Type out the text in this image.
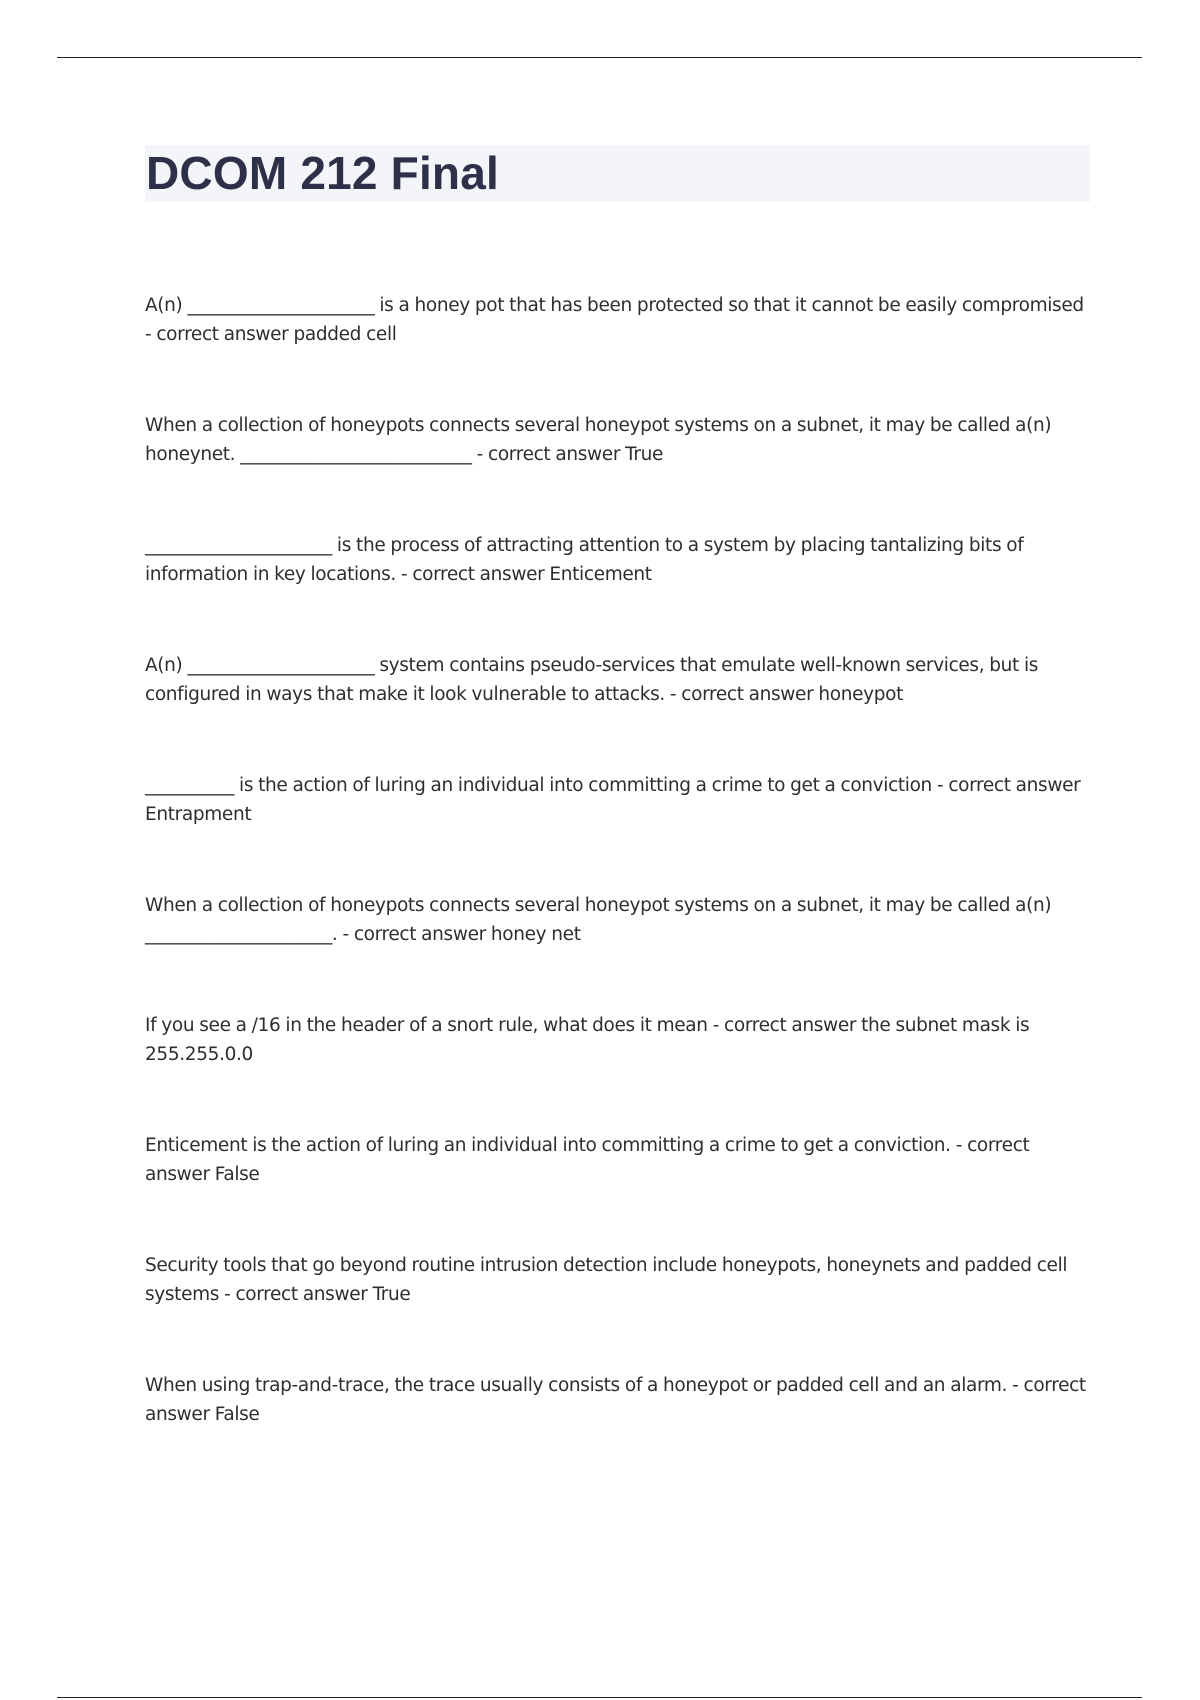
DCOM 212 Final

A(n) _____________________ is a honey pot that has been protected so that it cannot be easily compromised - correct answer padded cell

When a collection of honeypots connects several honeypot systems on a subnet, it may be called a(n) honeynet. __________________________ - correct answer True

_____________________ is the process of attracting attention to a system by placing tantalizing bits of information in key locations. - correct answer Enticement

A(n) _____________________ system contains pseudo-services that emulate well-known services, but is configured in ways that make it look vulnerable to attacks. - correct answer honeypot

__________ is the action of luring an individual into committing a crime to get a conviction - correct answer Entrapment

When a collection of honeypots connects several honeypot systems on a subnet, it may be called a(n) _____________________. - correct answer honey net

If you see a /16 in the header of a snort rule, what does it mean - correct answer the subnet mask is 255.255.0.0

Enticement is the action of luring an individual into committing a crime to get a conviction. - correct answer False

Security tools that go beyond routine intrusion detection include honeypots, honeynets and padded cell systems - correct answer True

When using trap-and-trace, the trace usually consists of a honeypot or padded cell and an alarm. - correct answer False
